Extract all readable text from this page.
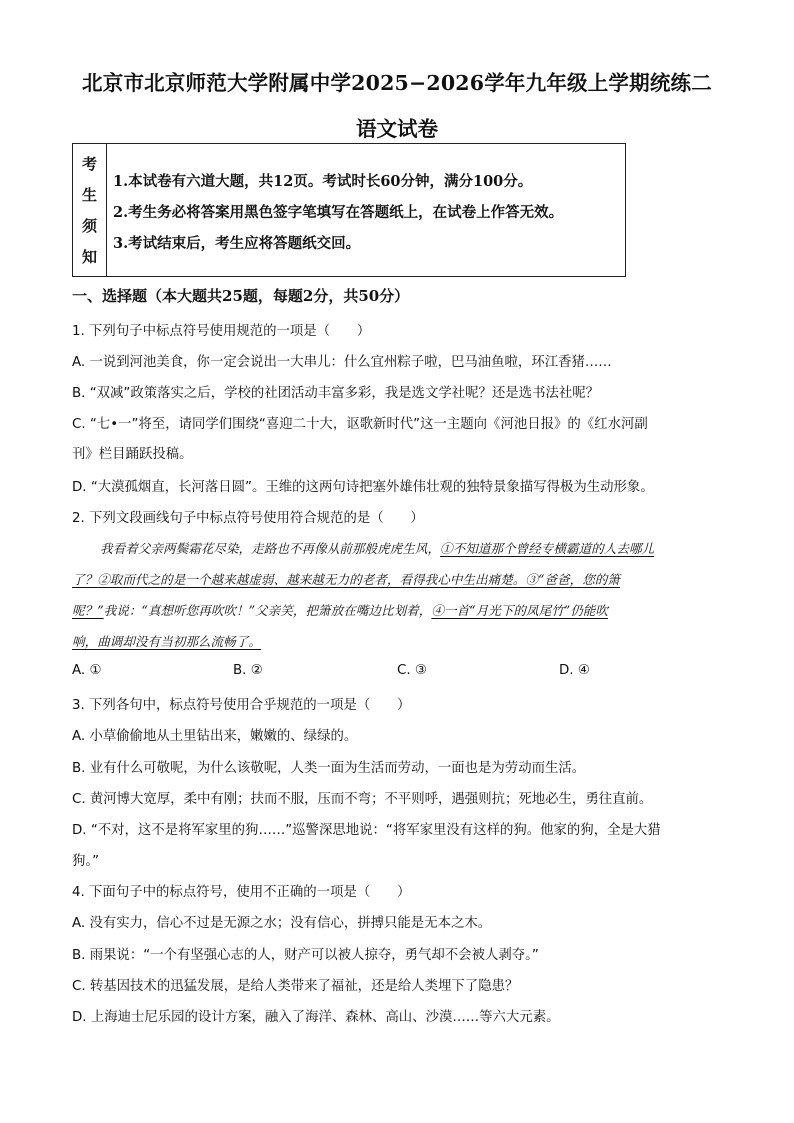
北京市北京师范大学附属中学2025−2026学年九年级上学期统练二
语文试卷
考
生
须
知
1.本试卷有六道大题，共12页。考试时长60分钟，满分100分。
2.考生务必将答案用黑色签字笔填写在答题纸上，在试卷上作答无效。
3.考试结束后，考生应将答题纸交回。
一、选择题（本大题共25题，每题2分，共50分）
1. 下列句子中标点符号使用规范的一项是（　　）
A. 一说到河池美食，你一定会说出一大串儿：什么宜州粽子啦，巴马油鱼啦，环江香猪……
B. “双减”政策落实之后，学校的社团活动丰富多彩，我是选文学社呢？还是选书法社呢？
C. “七•一”将至，请同学们围绕“喜迎二十大，讴歌新时代”这一主题向《河池日报》的《红水河副
刊》栏目踊跃投稿。
D. “大漠孤烟直，长河落日圆”。王维的这两句诗把塞外雄伟壮观的独特景象描写得极为生动形象。
2. 下列文段画线句子中标点符号使用符合规范的是（　　）
我看着父亲两鬓霜花尽染，走路也不再像从前那般虎虎生风，①不知道那个曾经专横霸道的人去哪儿
了？②取而代之的是一个越来越虚弱、越来越无力的老者，看得我心中生出痛楚。③“爸爸，您的箫
呢？”我说：“真想听您再吹吹！”父亲笑，把箫放在嘴边比划着，④一首“月光下的凤尾竹”仍能吹
响，曲调却没有当初那么流畅了。
A. ①	B. ②	C. ③	D. ④
3. 下列各句中，标点符号使用合乎规范的一项是（　　）
A. 小草偷偷地从土里钻出来，嫩嫩的、绿绿的。
B. 业有什么可敬呢，为什么该敬呢，人类一面为生活而劳动，一面也是为劳动而生活。
C. 黄河博大宽厚，柔中有刚；扶而不服，压而不弯；不平则呼，遇强则抗；死地必生，勇往直前。
D. “不对，这不是将军家里的狗……”巡警深思地说：“将军家里没有这样的狗。他家的狗，全是大猎
狗。”
4. 下面句子中的标点符号，使用不正确的一项是（　　）
A. 没有实力，信心不过是无源之水；没有信心，拼搏只能是无本之木。
B. 雨果说：“一个有坚强心志的人，财产可以被人掠夺，勇气却不会被人剥夺。”
C. 转基因技术的迅猛发展，是给人类带来了福祉，还是给人类埋下了隐患？
D. 上海迪士尼乐园的设计方案，融入了海洋、森林、高山、沙漠……等六大元素。
